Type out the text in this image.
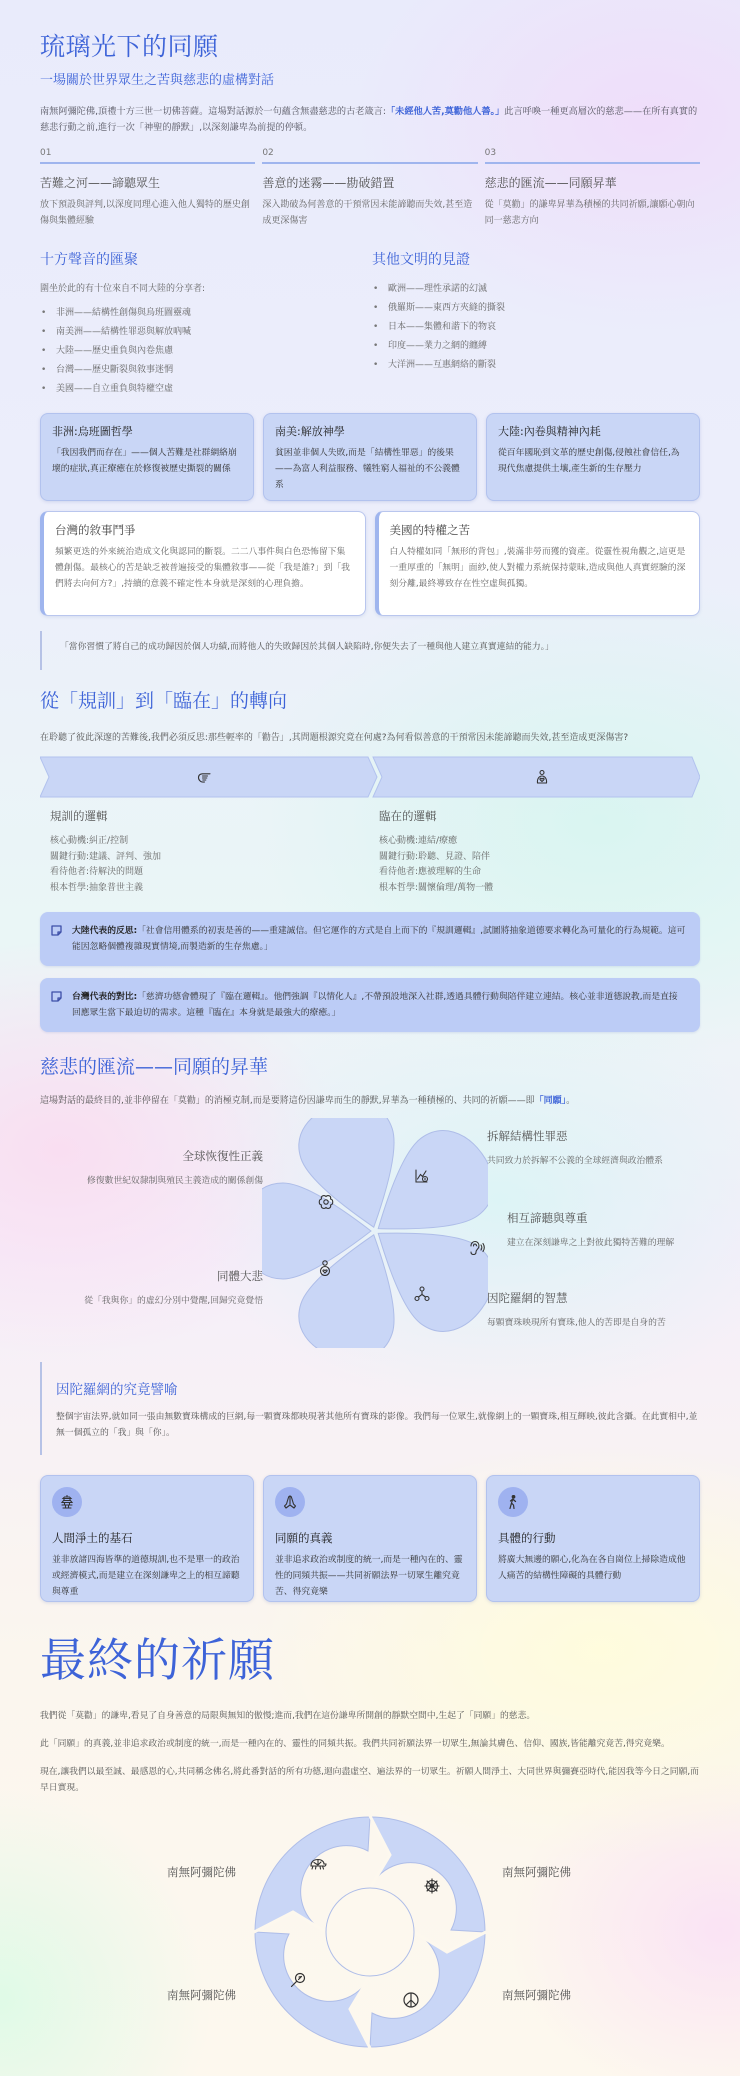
琉璃光下的同願
一場關於世界眾生之苦與慈悲的虛構對話

南無阿彌陀佛,頂禮十方三世一切佛菩薩。這場對話源於一句蘊含無盡慈悲的古老箴言:「未經他人苦,莫勸他人善。」此言呼喚一種更高層次的慈悲——在所有真實的慈悲行動之前,進行一次「神聖的靜默」,以深刻謙卑為前提的停頓。

01
苦難之河——諦聽眾生
放下預設與評判,以深度同理心進入他人獨特的歷史創傷與集體經驗
02
善意的迷霧——勘破錯置
深入勘破為何善意的干預常因未能諦聽而失效,甚至造成更深傷害
03
慈悲的匯流——同願昇華
從「莫勸」的謙卑昇華為積極的共同祈願,讓願心朝向同一慈悲方向
十方聲音的匯聚
圍坐於此的有十位來自不同大陸的分享者:
• 非洲——結構性創傷與烏班圖靈魂
• 南美洲——結構性罪惡與解放吶喊
• 大陸——歷史重負與內卷焦慮
• 台灣——歷史斷裂與敘事迷惘
• 美國——自立重負與特權空虛
其他文明的見證
• 歐洲——理性承諾的幻滅
• 俄羅斯——東西方夾縫的撕裂
• 日本——集體和諧下的物哀
• 印度——業力之網的纏縛
• 大洋洲——互惠網絡的斷裂
非洲:烏班圖哲學
「我因我們而存在」——個人苦難是社群網絡崩壞的症狀,真正療癒在於修復被歷史撕裂的關係
南美:解放神學
貧困並非個人失敗,而是「結構性罪惡」的後果——為富人利益服務、犧牲窮人福祉的不公義體系
大陸:內卷與精神內耗
從百年國恥到文革的歷史創傷,侵蝕社會信任,為現代焦慮提供土壤,產生新的生存壓力
台灣的敘事鬥爭
頻繁更迭的外來統治造成文化與認同的斷裂。二二八事件與白色恐怖留下集體創傷。最核心的苦是缺乏被普遍接受的集體敘事——從「我是誰?」到「我們將去向何方?」,持續的意義不確定性本身就是深刻的心理負擔。
美國的特權之苦
白人特權如同「無形的背包」,裝滿非勞而獲的資產。從靈性視角觀之,這更是一重厚重的「無明」面紗,使人對權力系統保持蒙昧,造成與他人真實經驗的深刻分離,最終導致存在性空虛與孤獨。
「當你習慣了將自己的成功歸因於個人功績,而將他人的失敗歸因於其個人缺陷時,你便失去了一種與他人建立真實連結的能力。」
從「規訓」到「臨在」的轉向
在聆聽了彼此深邃的苦難後,我們必須反思:那些輕率的「勸告」,其問題根源究竟在何處?為何看似善意的干預常因未能諦聽而失效,甚至造成更深傷害?
規訓的邏輯
核心動機:糾正/控制
關鍵行動:建議、評判、強加
看待他者:待解決的問題
根本哲學:抽象普世主義
臨在的邏輯
核心動機:連結/療癒
關鍵行動:聆聽、見證、陪伴
看待他者:應被理解的生命
根本哲學:關懷倫理/萬物一體
大陸代表的反思:「社會信用體系的初衷是善的——重建誠信。但它運作的方式是自上而下的『規訓邏輯』,試圖將抽象道德要求轉化為可量化的行為規範。這可能因忽略個體複雜現實情境,而製造新的生存焦慮。」
台灣代表的對比:「慈濟功德會體現了『臨在邏輯』。他們強調『以情化人』,不帶預設地深入社群,透過具體行動與陪伴建立連結。核心並非道德說教,而是直接回應眾生當下最迫切的需求。這種『臨在』本身就是最強大的療癒。」
慈悲的匯流——同願的昇華
這場對話的最終目的,並非停留在「莫勸」的消極克制,而是要將這份因謙卑而生的靜默,昇華為一種積極的、共同的祈願——即「同願」。
拆解結構性罪惡
共同致力於拆解不公義的全球經濟與政治體系
相互諦聽與尊重
建立在深刻謙卑之上對彼此獨特苦難的理解
因陀羅網的智慧
每顆寶珠映現所有寶珠,他人的苦即是自身的苦
同體大悲
從「我與你」的虛幻分別中覺醒,回歸究竟覺悟
全球恢復性正義
修復數世紀奴隸制與殖民主義造成的關係創傷
因陀羅網的究竟譬喻

整個宇宙法界,就如同一張由無數寶珠構成的巨網,每一顆寶珠都映現著其他所有寶珠的影像。我們每一位眾生,就像網上的一顆寶珠,相互輝映,彼此含攝。在此實相中,並無一個孤立的「我」與「你」。

人間淨土的基石
並非放諸四海皆準的道德規訓,也不是單一的政治或經濟模式,而是建立在深刻謙卑之上的相互諦聽與尊重
同願的真義
並非追求政治或制度的統一,而是一種內在的、靈性的同頻共振——共同祈願法界一切眾生離究竟苦、得究竟樂
具體的行動
將廣大無邊的願心,化為在各自崗位上掃除造成他人痛苦的結構性障礙的具體行動
最終的祈願

我們從「莫勸」的謙卑,看見了自身善意的局限與無知的傲慢;進而,我們在這份謙卑所開創的靜默空間中,生起了「同願」的慈悲。

此「同願」的真義,並非追求政治或制度的統一,而是一種內在的、靈性的同頻共振。我們共同祈願法界一切眾生,無論其膚色、信仰、國族,皆能離究竟苦,得究竟樂。

現在,讓我們以最至誠、最感恩的心,共同稱念佛名,將此番對話的所有功德,迴向盡虛空、遍法界的一切眾生。祈願人間淨土、大同世界與彌賽亞時代,能因我等今日之同願,而早日實現。

南無阿彌陀佛	南無阿彌陀佛
南無阿彌陀佛	南無阿彌陀佛
